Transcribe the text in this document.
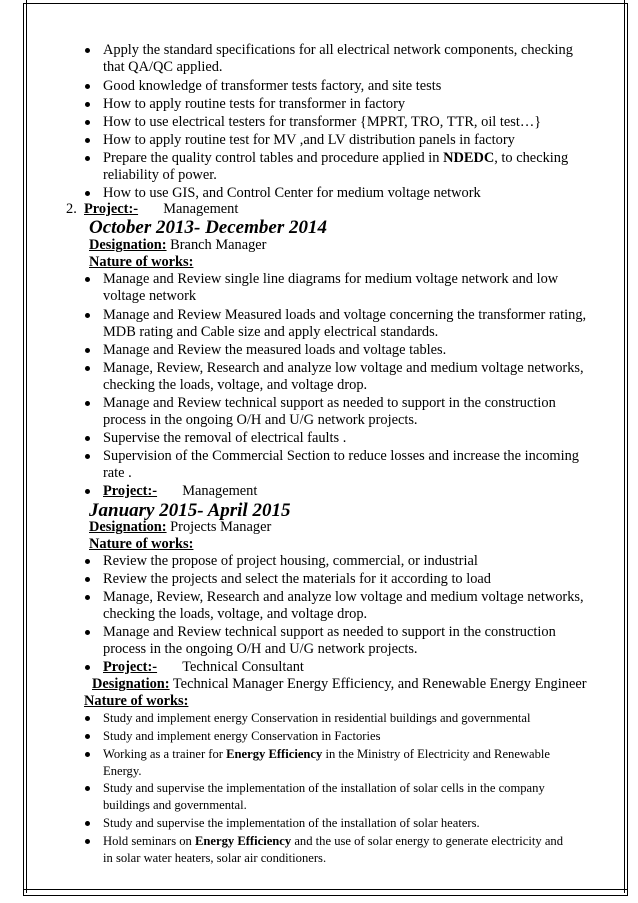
Apply the standard specifications for all electrical network components, checking
that QA/QC applied.
Good knowledge of transformer tests factory, and site tests
How to apply routine tests for transformer in factory
How to use electrical testers for transformer {MPRT, TRO, TTR, oil test…}
How to apply routine test for MV ,and LV distribution panels in factory
Prepare the quality control tables and procedure applied in NDEDC, to checking
reliability of power.
How to use GIS, and Control Center for medium voltage network
2. Project:- Management
October 2013- December 2014
Designation: Branch Manager
Nature of works:
Manage and Review single line diagrams for medium voltage network and low
voltage network
Manage and Review Measured loads and voltage concerning the transformer rating,
MDB rating and Cable size and apply electrical standards.
Manage and Review the measured loads and voltage tables.
Manage, Review, Research and analyze low voltage and medium voltage networks,
checking the loads, voltage, and voltage drop.
Manage and Review technical support as needed to support in the construction
process in the ongoing O/H and U/G network projects.
Supervise the removal of electrical faults .
Supervision of the Commercial Section to reduce losses and increase the incoming
rate .
Project:- Management
January 2015- April 2015
Designation: Projects Manager
Nature of works:
Review the propose of project housing, commercial, or industrial
Review the projects and select the materials for it according to load
Manage, Review, Research and analyze low voltage and medium voltage networks,
checking the loads, voltage, and voltage drop.
Manage and Review technical support as needed to support in the construction
process in the ongoing O/H and U/G network projects.
Project:- Technical Consultant
Designation: Technical Manager Energy Efficiency, and Renewable Energy Engineer
Nature of works:
Study and implement energy Conservation in residential buildings and governmental
Study and implement energy Conservation in Factories
Working as a trainer for Energy Efficiency in the Ministry of Electricity and Renewable
Energy.
Study and supervise the implementation of the installation of solar cells in the company
buildings and governmental.
Study and supervise the implementation of the installation of solar heaters.
Hold seminars on Energy Efficiency and the use of solar energy to generate electricity and
in solar water heaters, solar air conditioners.
